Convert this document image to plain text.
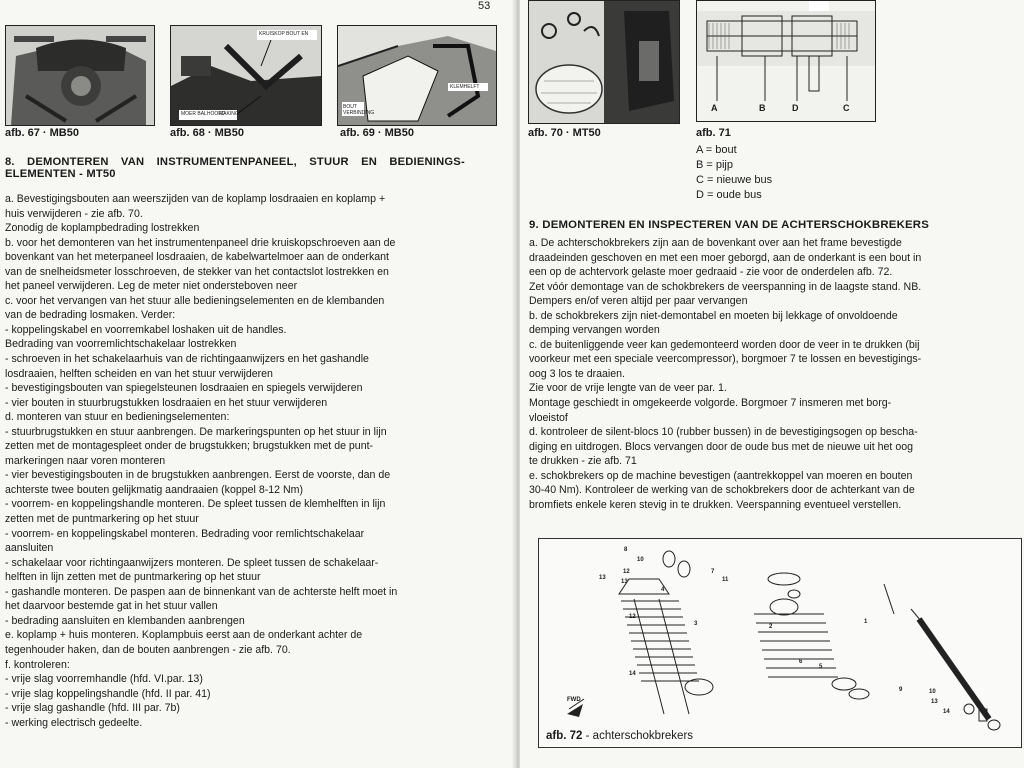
53
afb. 67 · MB50
MOER BALHOOFD
MAKING
KRUISKOP BOUT EN
afb. 68 · MB50
BOUT
VERBINDING
KLEMHELFT
afb. 69 · MB50
8. DEMONTEREN VAN INSTRUMENTENPANEEL, STUUR EN BEDIENINGS-
ELEMENTEN - MT50
a. Bevestigingsbouten aan weerszijden van de koplamp losdraaien en koplamp +
huis verwijderen - zie afb. 70.
Zonodig de koplampbedrading lostrekken
b. voor het demonteren van het instrumentenpaneel drie kruiskopschroeven aan de
bovenkant van het meterpaneel losdraaien, de kabelwartelmoer aan de onderkant
van de snelheidsmeter losschroeven, de stekker van het contactslot lostrekken en
het paneel verwijderen. Leg de meter niet ondersteboven neer
c. voor het vervangen van het stuur alle bedieningselementen en de klembanden
van de bedrading losmaken. Verder:
- koppelingskabel en voorremkabel loshaken uit de handles.
Bedrading van voorremlichtschakelaar lostrekken
- schroeven in het schakelaarhuis van de richtingaanwijzers en het gashandle
losdraaien, helften scheiden en van het stuur verwijderen
- bevestigingsbouten van spiegelsteunen losdraaien en spiegels verwijderen
- vier bouten in stuurbrugstukken losdraaien en het stuur verwijderen
d. monteren van stuur en bedieningselementen:
- stuurbrugstukken en stuur aanbrengen. De markeringspunten op het stuur in lijn
zetten met de montagespleet onder de brugstukken; brugstukken met de punt-
markeringen naar voren monteren
- vier bevestigingsbouten in de brugstukken aanbrengen. Eerst de voorste, dan de
achterste twee bouten gelijkmatig aandraaien (koppel 8-12 Nm)
- voorrem- en koppelingshandle monteren. De spleet tussen de klemhelften in lijn
zetten met de puntmarkering op het stuur
- voorrem- en koppelingskabel monteren. Bedrading voor remlichtschakelaar
aansluiten
- schakelaar voor richtingaanwijzers monteren. De spleet tussen de schakelaar-
helften in lijn zetten met de puntmarkering op het stuur
- gashandle monteren. De paspen aan de binnenkant van de achterste helft moet in
het daarvoor bestemde gat in het stuur vallen
- bedrading aansluiten en klembanden aanbrengen
e. koplamp + huis monteren. Koplampbuis eerst aan de onderkant achter de
tegenhouder haken, dan de bouten aanbrengen - zie afb. 70.
f. kontroleren:
- vrije slag voorremhandle (hfd. VI.par. 13)
- vrije slag koppelingshandle (hfd. II par. 41)
- vrije slag gashandle (hfd. III par. 7b)
- werking electrisch gedeelte.
afb. 70 · MT50
A	B	D	C
afb. 71
A = bout
B = pijp
C = nieuwe bus
D = oude bus
9. DEMONTEREN EN INSPECTEREN VAN DE ACHTERSCHOKBREKERS
a. De achterschokbrekers zijn aan de bovenkant over aan het frame bevestigde
draadeinden geschoven en met een moer geborgd, aan de onderkant is een bout in
een op de achtervork gelaste moer gedraaid - zie voor de onderdelen afb. 72.
Zet vóór demontage van de schokbrekers de veerspanning in de laagste stand. NB.
Dempers en/of veren altijd per paar vervangen
b. de schokbrekers zijn niet-demontabel en moeten bij lekkage of onvoldoende
demping vervangen worden
c. de buitenliggende veer kan gedemonteerd worden door de veer in te drukken (bij
voorkeur met een speciale veercompressor), borgmoer 7 te lossen en bevestigings-
oog 3 los te draaien.
Zie voor de vrije lengte van de veer par. 1.
Montage geschiedt in omgekeerde volgorde. Borgmoer 7 insmeren met borg-
vloeistof
d. kontroleer de silent-blocs 10 (rubber bussen) in de bevestigingsogen op bescha-
diging en uitdrogen. Blocs vervangen door de oude bus met de nieuwe uit het oog
te drukken - zie afb. 71
e. schokbrekers op de machine bevestigen (aantrekkoppel van moeren en bouten
30-40 Nm). Kontroleer de werking van de schokbrekers door de achterkant van de
bromfiets enkele keren stevig in te drukken. Veerspanning eventueel verstellen.
FWD
8
10
12
13
13
12
4
7
11
3	2
1
6
5
14
9	10
13
14
afb. 72 - achterschokbrekers
